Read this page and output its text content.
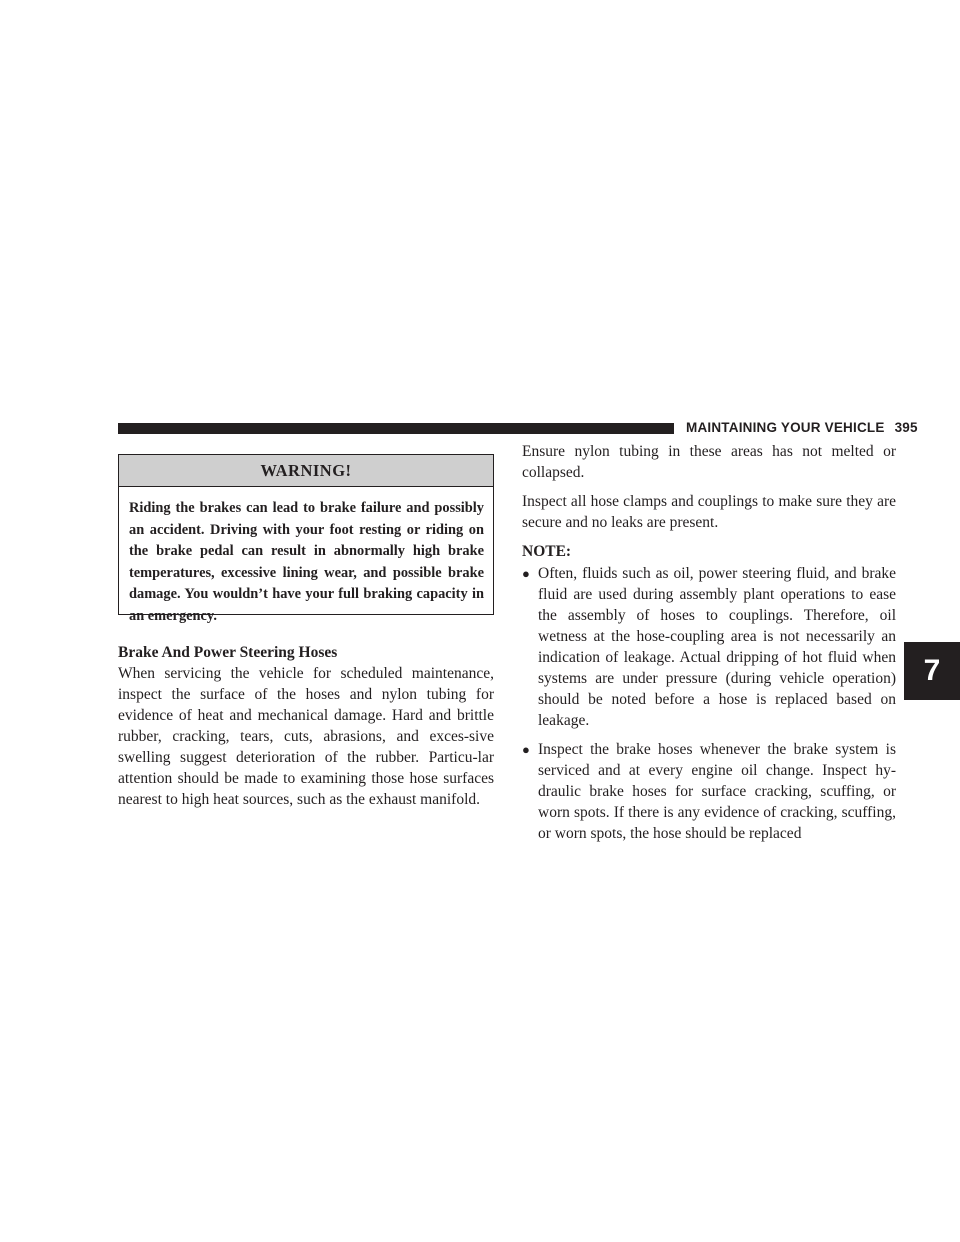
MAINTAINING YOUR VEHICLE 395
7
WARNING!
Riding the brakes can lead to brake failure and possibly an accident. Driving with your foot resting or riding on the brake pedal can result in abnormally high brake temperatures, excessive lining wear, and possible brake damage. You wouldn’t have your full braking capacity in an emergency.
Brake And Power Steering Hoses
When servicing the vehicle for scheduled maintenance, inspect the surface of the hoses and nylon tubing for evidence of heat and mechanical damage. Hard and brittle rubber, cracking, tears, cuts, abrasions, and exces-sive swelling suggest deterioration of the rubber. Particu-lar attention should be made to examining those hose surfaces nearest to high heat sources, such as the exhaust manifold.
Ensure nylon tubing in these areas has not melted or collapsed.
Inspect all hose clamps and couplings to make sure they are secure and no leaks are present.
NOTE:
● Often, fluids such as oil, power steering fluid, and brake fluid are used during assembly plant operations to ease the assembly of hoses to couplings. Therefore, oil wetness at the hose-coupling area is not necessarily an indication of leakage. Actual dripping of hot fluid when systems are under pressure (during vehicle operation) should be noted before a hose is replaced based on leakage.
● Inspect the brake hoses whenever the brake system is serviced and at every engine oil change. Inspect hy-draulic brake hoses for surface cracking, scuffing, or worn spots. If there is any evidence of cracking, scuffing, or worn spots, the hose should be replaced
